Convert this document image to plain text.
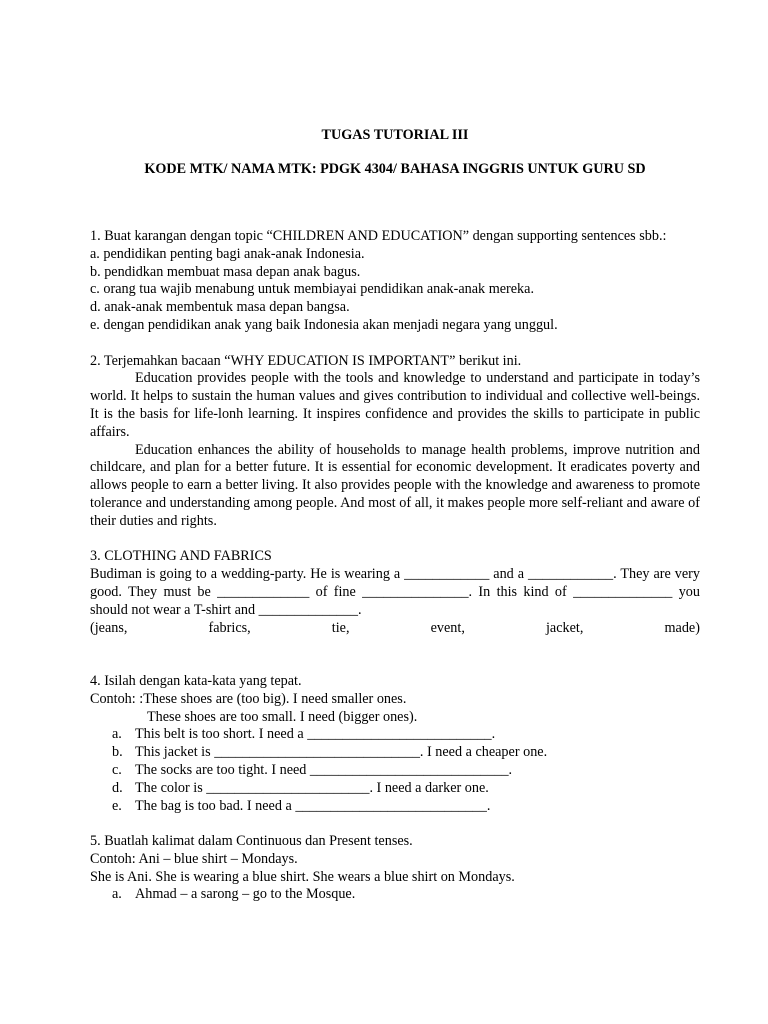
TUGAS TUTORIAL III
KODE MTK/ NAMA MTK: PDGK 4304/ BAHASA INGGRIS UNTUK GURU SD

1. Buat karangan dengan topic “CHILDREN AND EDUCATION” dengan supporting sentences sbb.:

a. pendidikan penting bagi anak-anak Indonesia.

b. pendidkan membuat masa depan anak bagus.

c. orang tua wajib menabung untuk membiayai pendidikan anak-anak mereka.

d. anak-anak membentuk masa depan bangsa.

e. dengan pendidikan anak yang baik Indonesia akan menjadi negara yang unggul.

2. Terjemahkan bacaan “WHY EDUCATION IS IMPORTANT” berikut ini.

Education provides people with the tools and knowledge to understand and participate in today’s world. It helps to sustain the human values and gives contribution to individual and collective well-beings. It is the basis for life-lonh learning. It inspires confidence and provides the skills to participate in public affairs.

Education enhances the ability of households to manage health problems, improve nutrition and childcare, and plan for a better future. It is essential for economic development. It eradicates poverty and allows people to earn a better living. It also provides people with the knowledge and awareness to promote tolerance and understanding among people. And most of all, it makes people more self-reliant and aware of their duties and rights.

3. CLOTHING AND FABRICS

Budiman is going to a wedding-party. He is wearing a ____________ and a ____________. They are very good. They must be _____________ of fine _______________. In this kind of ______________ you should not wear a T-shirt and ______________.

(jeans,	fabrics,	tie,	event,	jacket,	made)

4. Isilah dengan kata-kata yang tepat.

Contoh: :These shoes are (too big). I need smaller ones.

These shoes are too small. I need (bigger ones).

a. This belt is too short. I need a __________________________.
b. This jacket is _____________________________. I need a cheaper one.
c. The socks are too tight. I need ____________________________.
d. The color is _______________________. I need a darker one.
e. The bag is too bad. I need a ___________________________.

5. Buatlah kalimat dalam Continuous dan Present tenses.

Contoh: Ani – blue shirt – Mondays.

She is Ani. She is wearing a blue shirt. She wears a blue shirt on Mondays.

a. Ahmad – a sarong – go to the Mosque.
